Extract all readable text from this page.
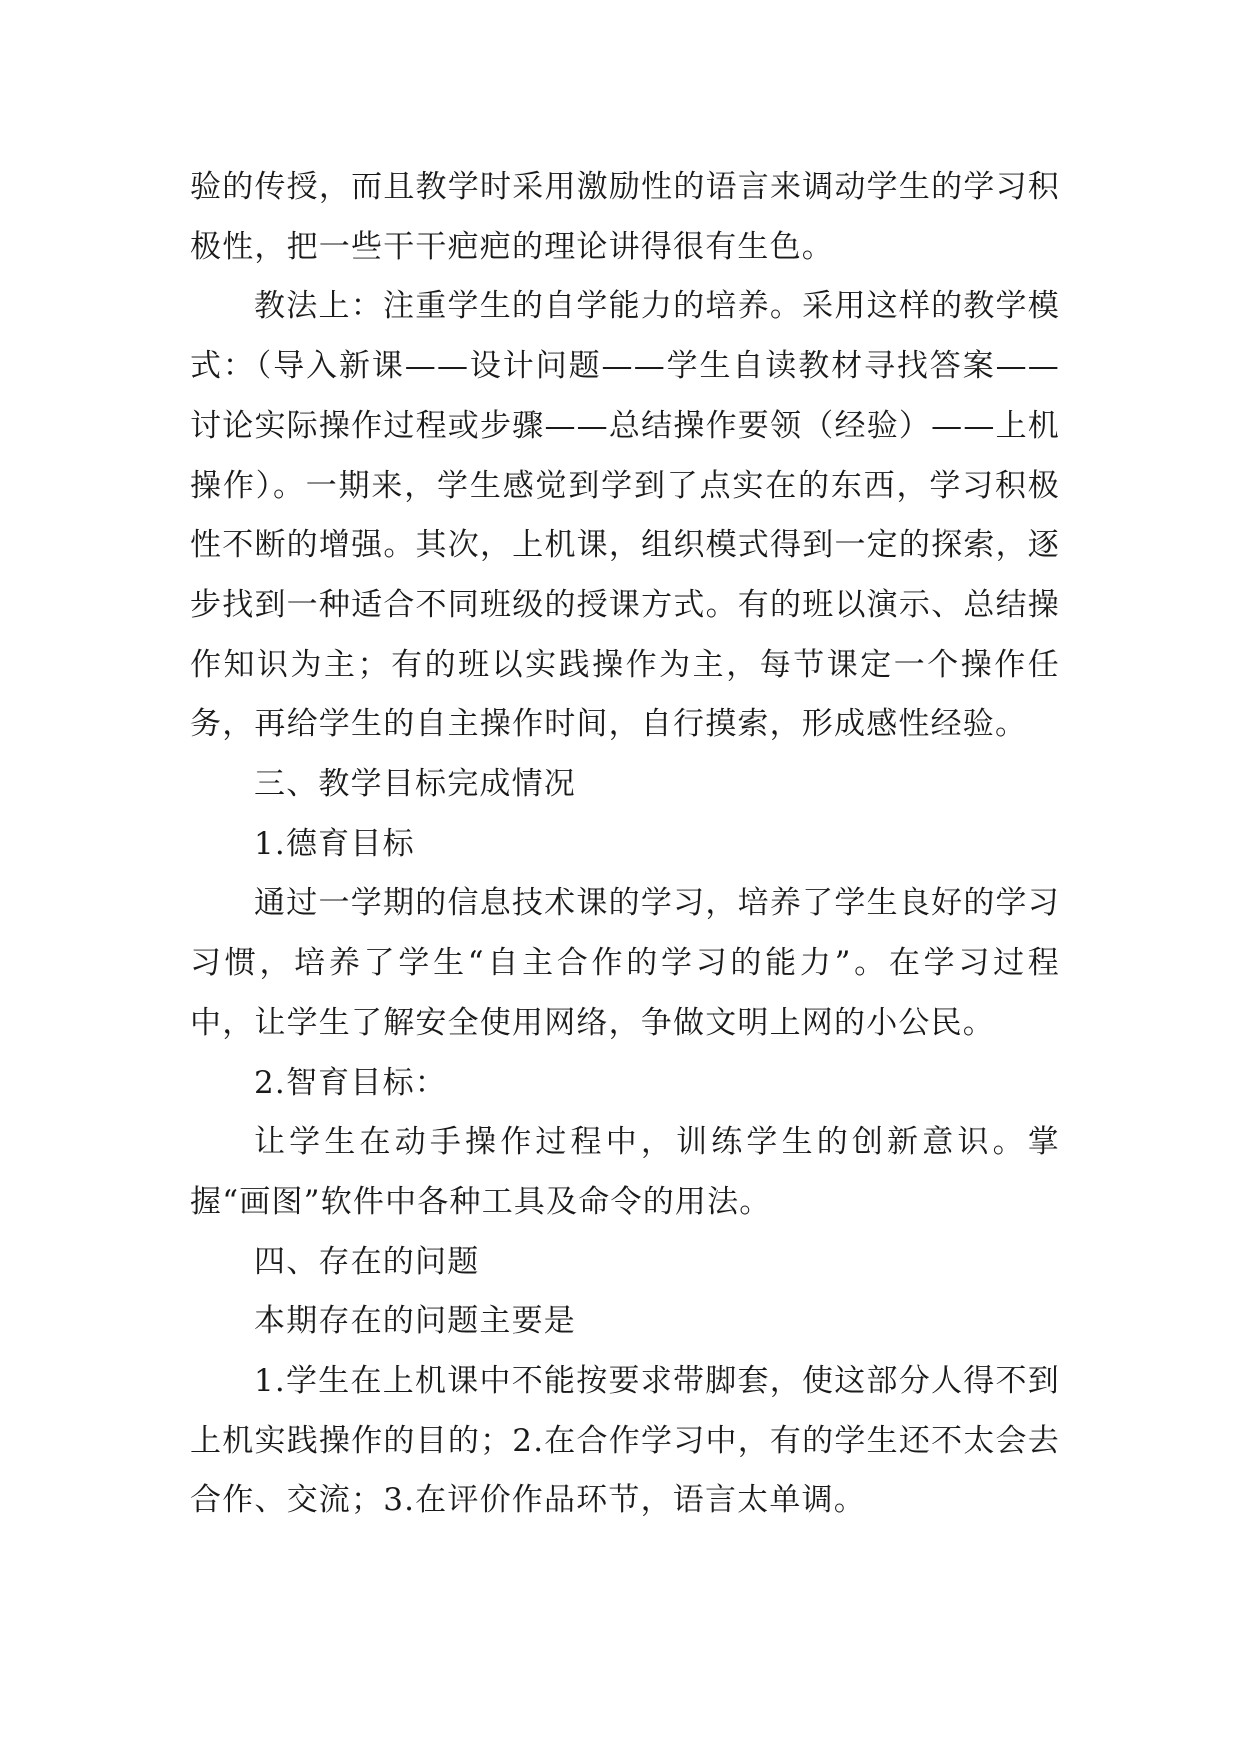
验的传授，而且教学时采用激励性的语言来调动学生的学习积极性，把一些干干疤疤的理论讲得很有生色。

教法上：注重学生的自学能力的培养。采用这样的教学模式：（导入新课——设计问题——学生自读教材寻找答案——讨论实际操作过程或步骤——总结操作要领（经验）——上机操作）。一期来，学生感觉到学到了点实在的东西，学习积极性不断的增强。其次，上机课，组织模式得到一定的探索，逐步找到一种适合不同班级的授课方式。有的班以演示、总结操作知识为主；有的班以实践操作为主，每节课定一个操作任务，再给学生的自主操作时间，自行摸索，形成感性经验。

三、教学目标完成情况

1.德育目标

通过一学期的信息技术课的学习，培养了学生良好的学习习惯，培养了学生“自主合作的学习的能力”。在学习过程中，让学生了解安全使用网络，争做文明上网的小公民。

2.智育目标：

让学生在动手操作过程中，训练学生的创新意识。掌握“画图”软件中各种工具及命令的用法。

四、存在的问题

本期存在的问题主要是

1.学生在上机课中不能按要求带脚套，使这部分人得不到上机实践操作的目的；2.在合作学习中，有的学生还不太会去合作、交流；3.在评价作品环节，语言太单调。
